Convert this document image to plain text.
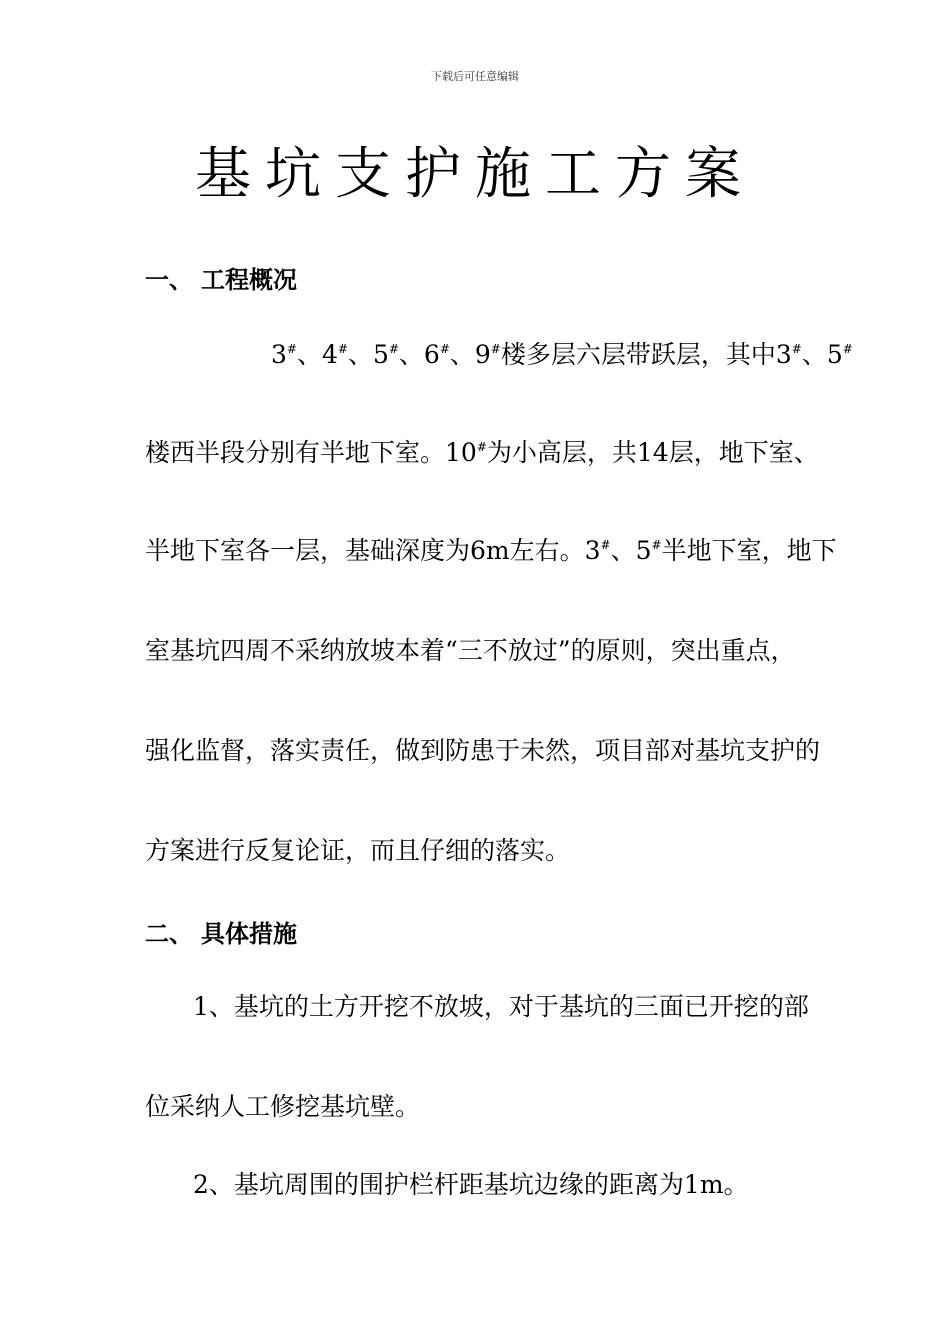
下载后可任意编辑
基坑支护施工方案
一、 工程概况
3#、4#、5#、6#、9#楼多层六层带跃层，其中3#、5#
楼西半段分别有半地下室。10#为小高层，共14层，地下室、
半地下室各一层，基础深度为6m左右。3#、5#半地下室，地下
室基坑四周不采纳放坡本着“三不放过”的原则，突出重点，
强化监督，落实责任，做到防患于未然，项目部对基坑支护的
方案进行反复论证，而且仔细的落实。
二、 具体措施
1、基坑的土方开挖不放坡，对于基坑的三面已开挖的部
位采纳人工修挖基坑壁。
2、基坑周围的围护栏杆距基坑边缘的距离为1m。
